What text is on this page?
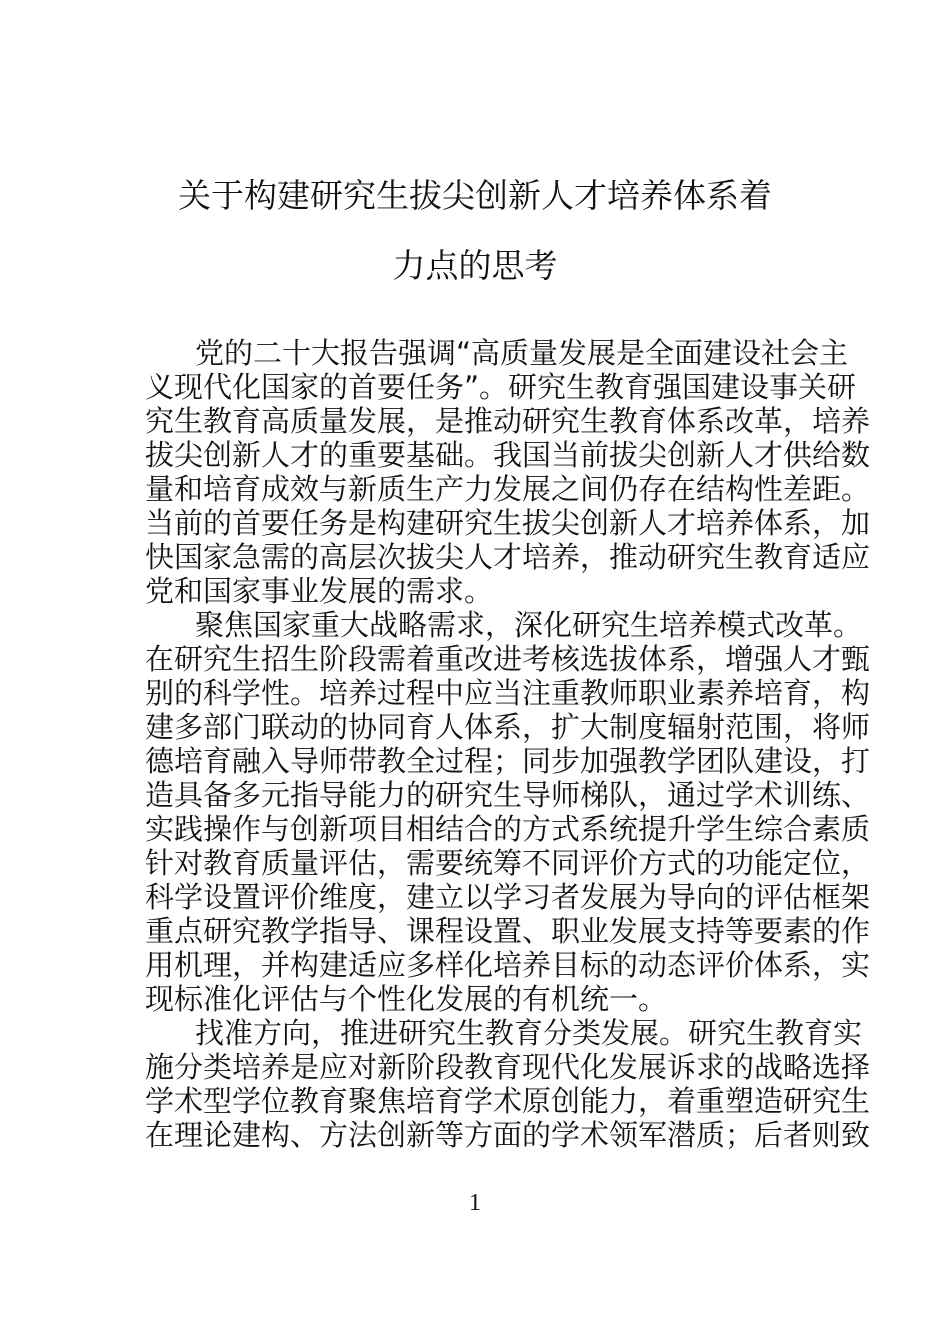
关于构建研究生拔尖创新人才培养体系着
力点的思考
党的二十大报告强调“高质量发展是全面建设社会主
义现代化国家的首要任务”。研究生教育强国建设事关研
究生教育高质量发展，是推动研究生教育体系改革，培养
拔尖创新人才的重要基础。我国当前拔尖创新人才供给数
量和培育成效与新质生产力发展之间仍存在结构性差距。
当前的首要任务是构建研究生拔尖创新人才培养体系，加
快国家急需的高层次拔尖人才培养，推动研究生教育适应
党和国家事业发展的需求。
聚焦国家重大战略需求，深化研究生培养模式改革。
在研究生招生阶段需着重改进考核选拔体系，增强人才甄
别的科学性。培养过程中应当注重教师职业素养培育，构
建多部门联动的协同育人体系，扩大制度辐射范围，将师
德培育融入导师带教全过程；同步加强教学团队建设，打
造具备多元指导能力的研究生导师梯队，通过学术训练、
实践操作与创新项目相结合的方式系统提升学生综合素质
针对教育质量评估，需要统筹不同评价方式的功能定位，
科学设置评价维度，建立以学习者发展为导向的评估框架
重点研究教学指导、课程设置、职业发展支持等要素的作
用机理，并构建适应多样化培养目标的动态评价体系，实
现标准化评估与个性化发展的有机统一。
找准方向，推进研究生教育分类发展。研究生教育实
施分类培养是应对新阶段教育现代化发展诉求的战略选择
学术型学位教育聚焦培育学术原创能力，着重塑造研究生
在理论建构、方法创新等方面的学术领军潜质；后者则致
1
